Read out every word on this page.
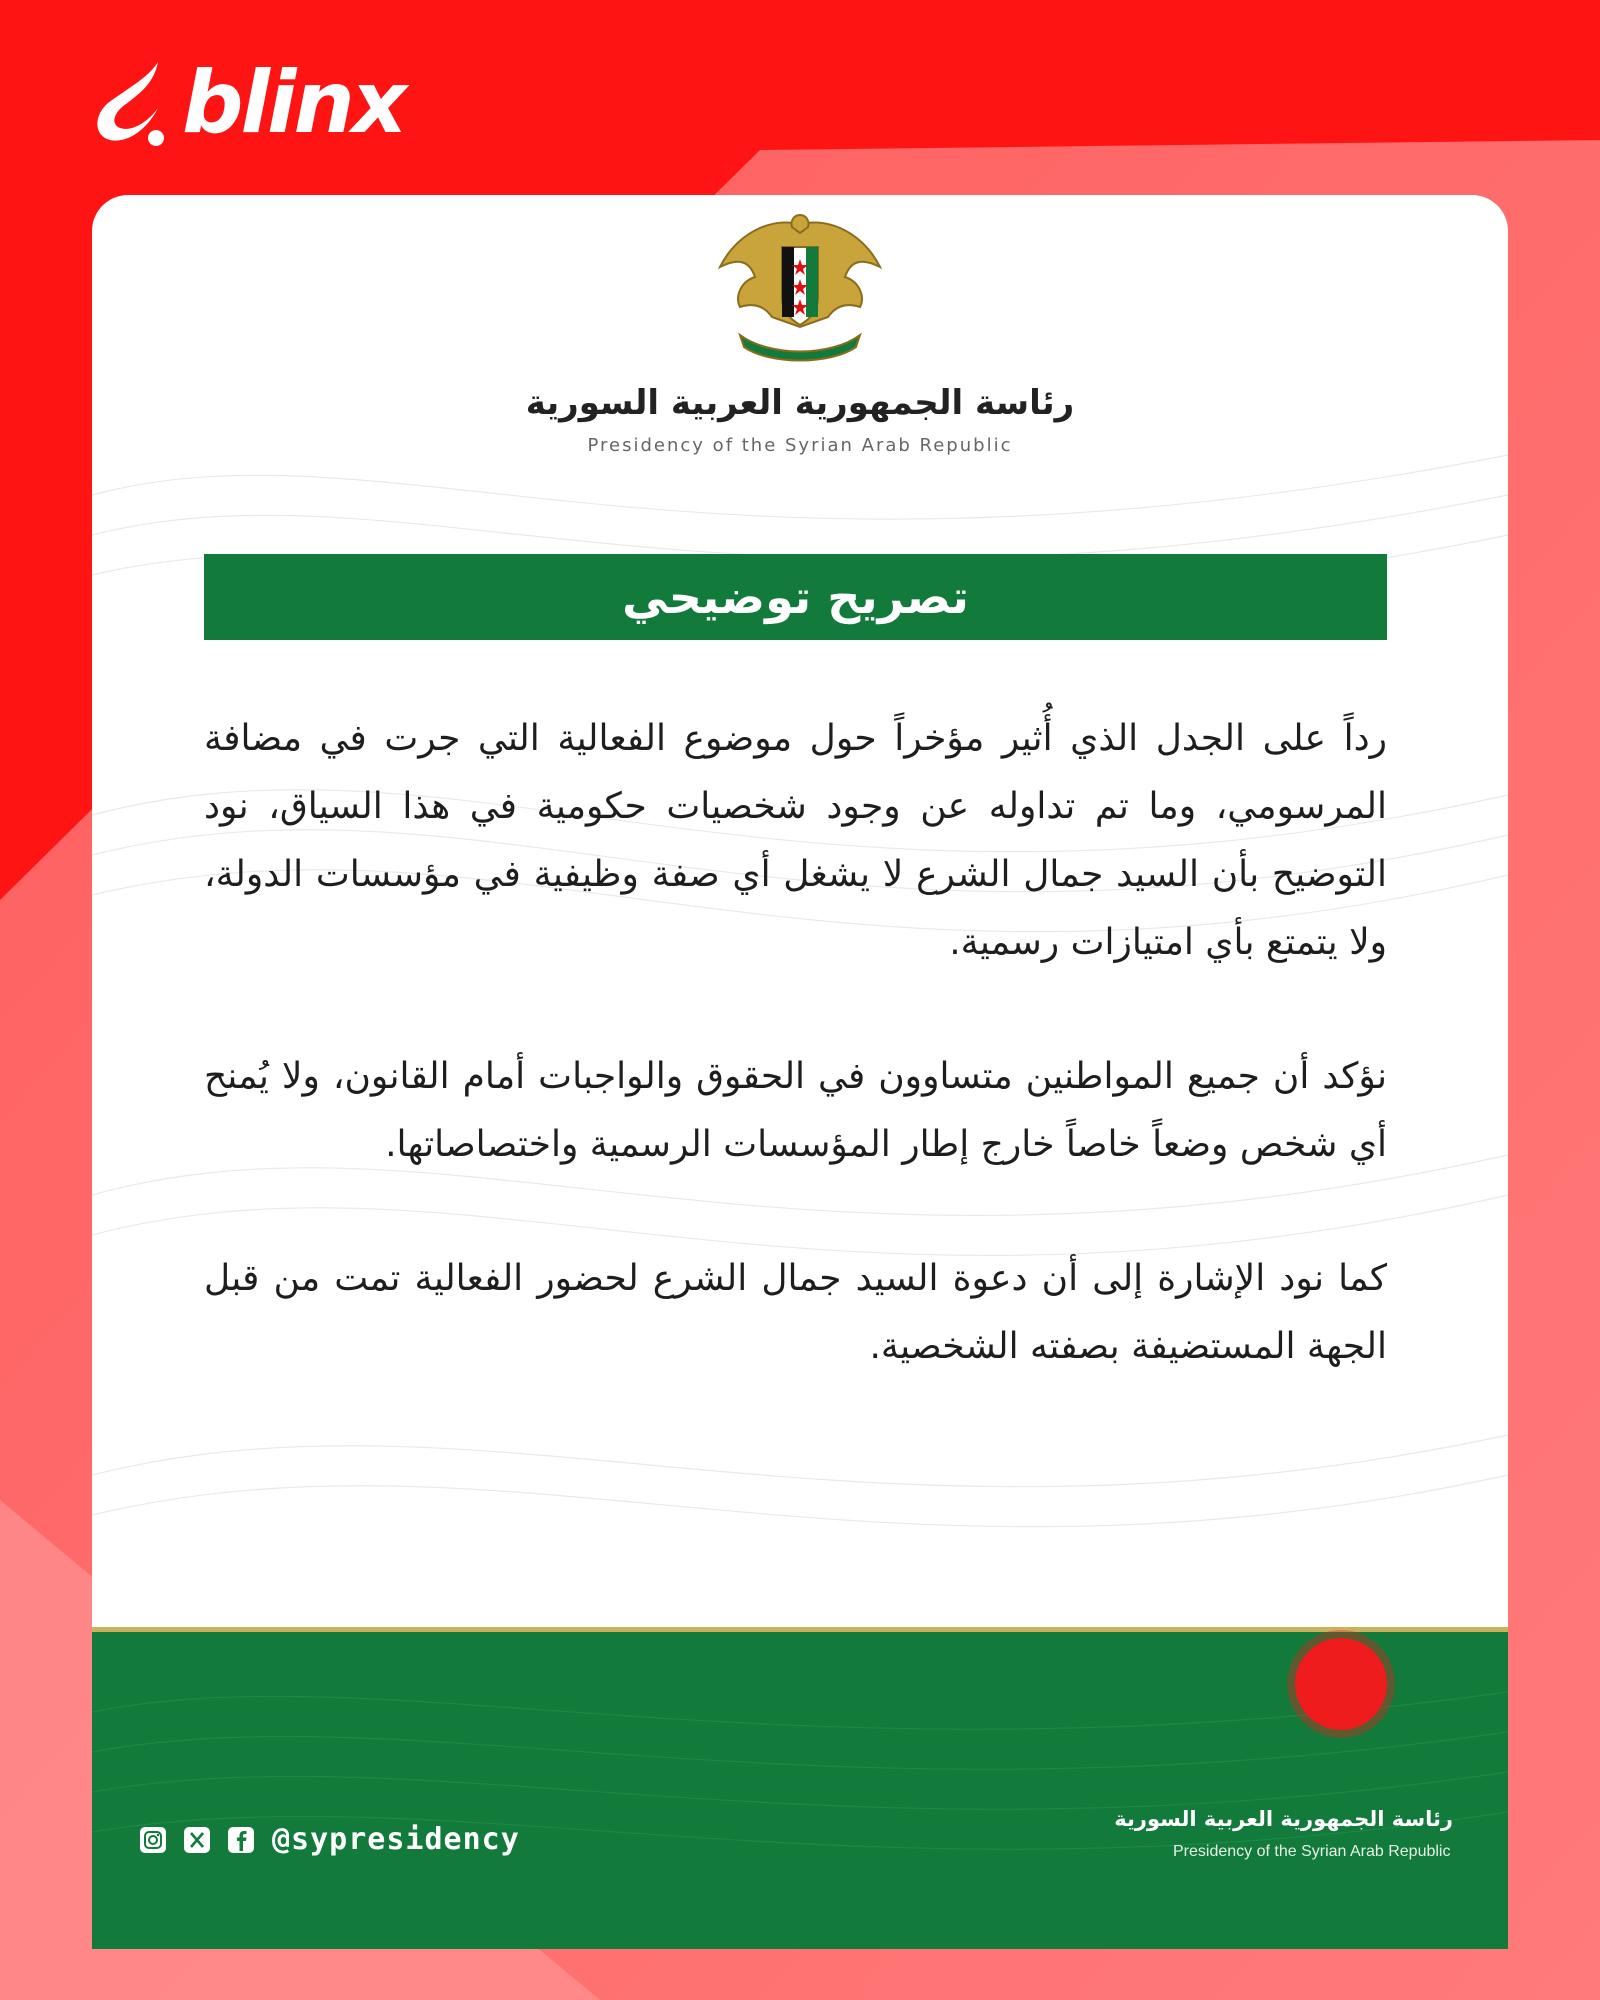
blinx
رئاسة الجمهورية العربية السورية
Presidency of the Syrian Arab Republic
تصريح توضيحي

رداً على الجدل الذي أُثير مؤخراً حول موضوع الفعالية التي جرت في مضافة المرسومي، وما تم تداوله عن وجود شخصيات حكومية في هذا السياق، نود التوضيح بأن السيد جمال الشرع لا يشغل أي صفة وظيفية في مؤسسات الدولة، ولا يتمتع بأي امتيازات رسمية.

نؤكد أن جميع المواطنين متساوون في الحقوق والواجبات أمام القانون، ولا يُمنح أي شخص وضعاً خاصاً خارج إطار المؤسسات الرسمية واختصاصاتها.

كما نود الإشارة إلى أن دعوة السيد جمال الشرع لحضور الفعالية تمت من قبل الجهة المستضيفة بصفته الشخصية.

@sypresidency
رئاسة الجمهورية العربية السورية
Presidency of the Syrian Arab Republic
